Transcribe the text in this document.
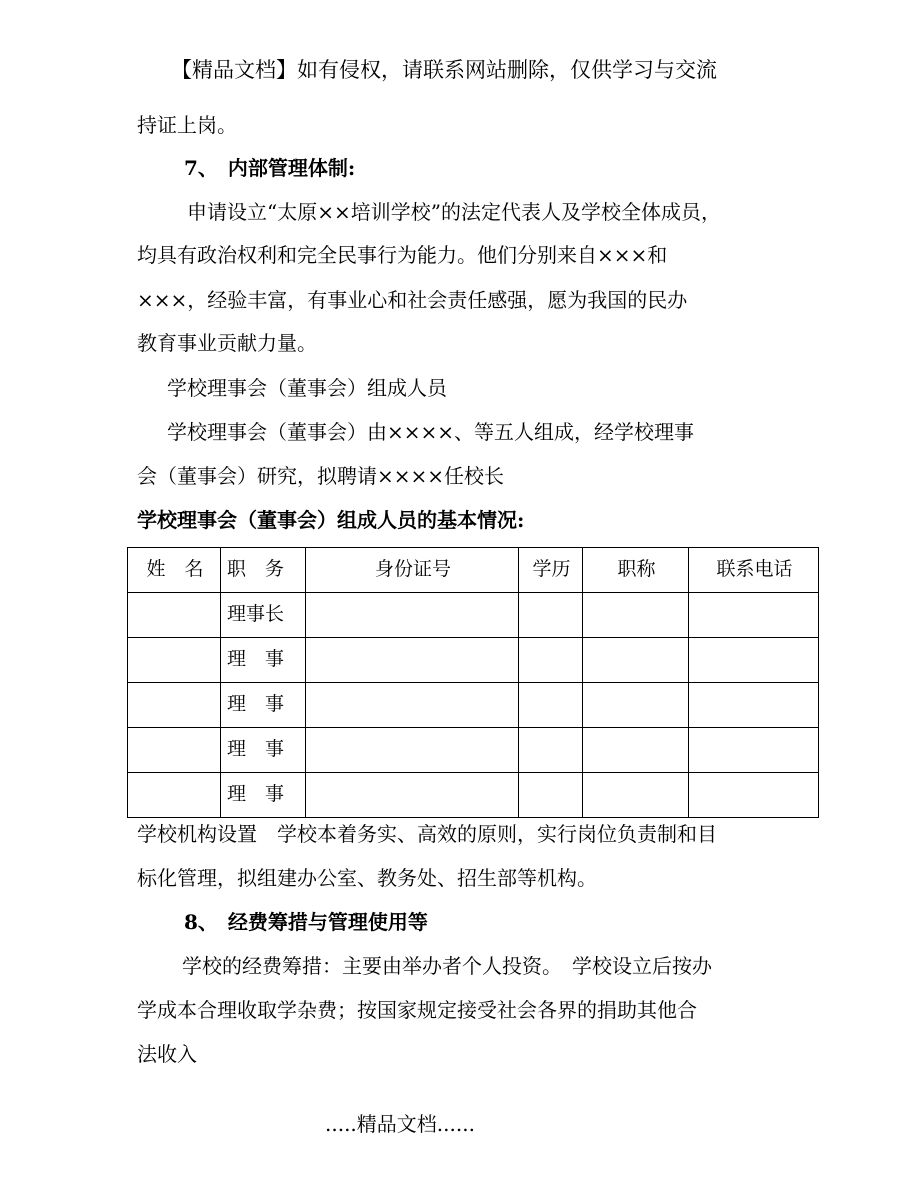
【精品文档】如有侵权，请联系网站删除，仅供学习与交流
持证上岗。
7、　内部管理体制:
申请设立“太原××培训学校”的法定代表人及学校全体成员，
均具有政治权利和完全民事行为能力。他们分别来自×××和
×××，经验丰富，有事业心和社会责任感强，愿为我国的民办
教育事业贡献力量。
学校理事会（董事会）组成人员
学校理事会（董事会）由××××、等五人组成，经学校理事
会（董事会）研究，拟聘请××××任校长
学校理事会（董事会）组成人员的基本情况:
姓　名	职　务	身份证号	学历	职称	联系电话

	理事长				

	理　事				

	理　事				

	理　事				

	理　事				

学校机构设置　学校本着务实、高效的原则，实行岗位负责制和目
标化管理，拟组建办公室、教务处、招生部等机构。
8、　经费筹措与管理使用等
学校的经费筹措：主要由举办者个人投资。　学校设立后按办
学成本合理收取学杂费；按国家规定接受社会各界的捐助其他合
法收入
.....精品文档......
